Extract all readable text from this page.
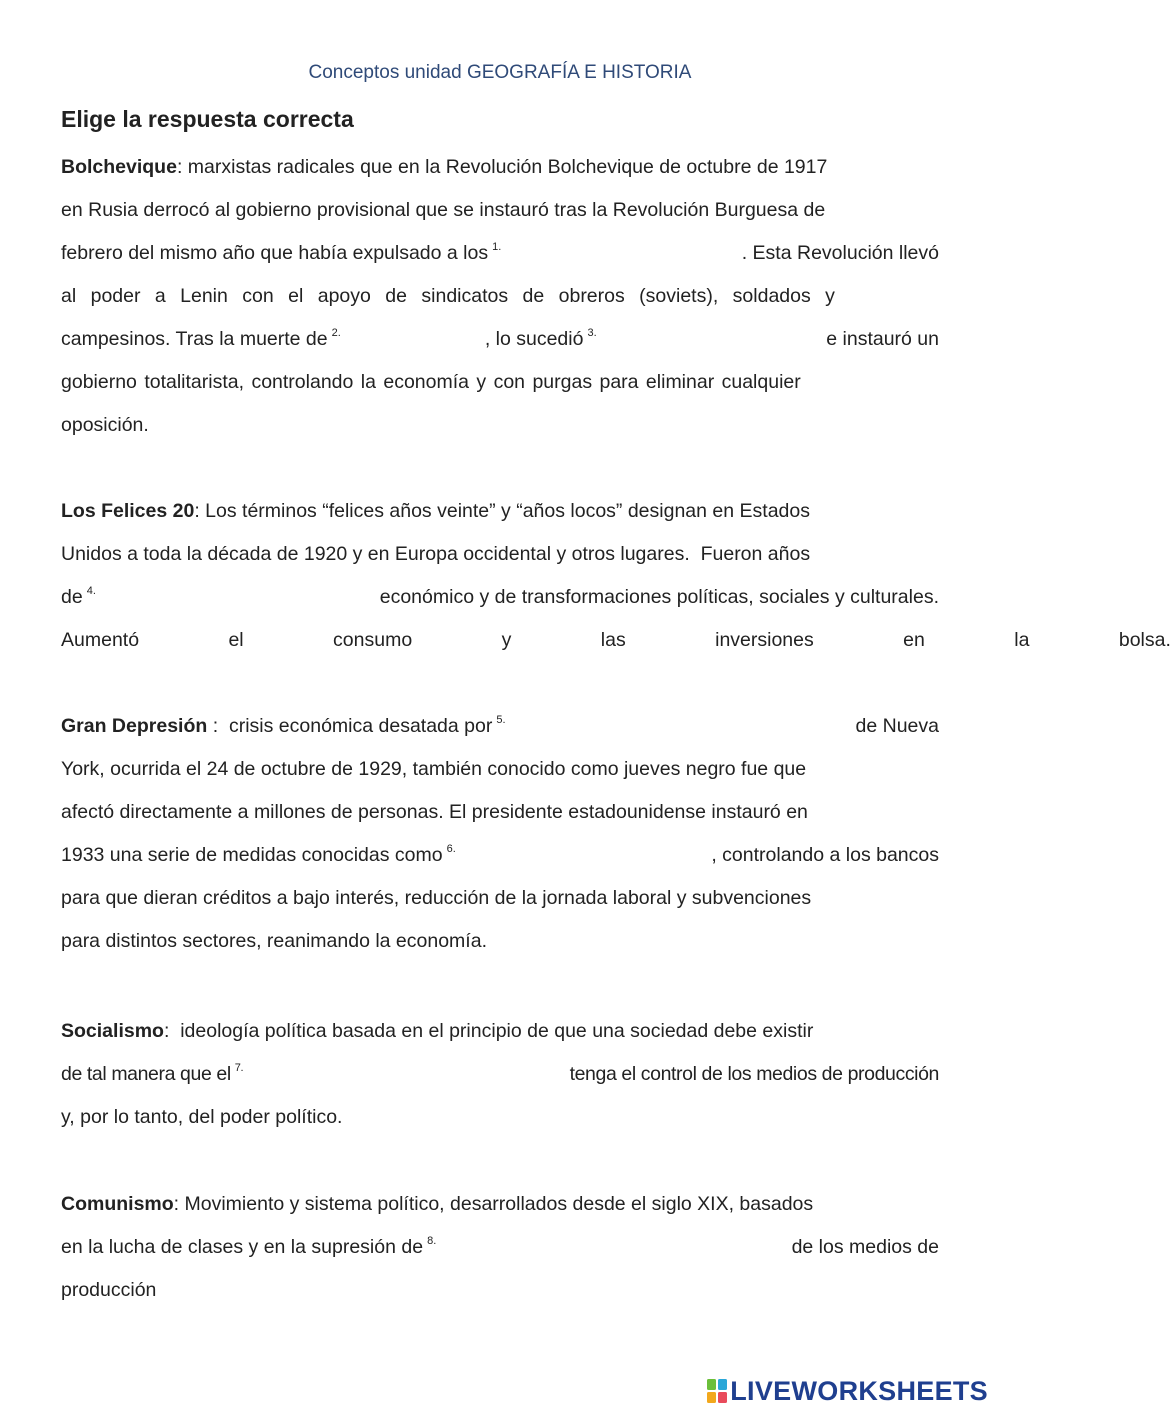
Conceptos unidad GEOGRAFÍA E HISTORIA
Elige la respuesta correcta
Bolchevique : marxistas radicales que en la Revolución Bolchevique de octubre de 1917
en Rusia derrocó al gobierno provisional que se instauró tras la Revolución Burguesa de
febrero del mismo año que había expulsado a los 1.	. Esta Revolución llevó
al poder a Lenin con el apoyo de sindicatos de obreros (soviets), soldados y
campesinos. Tras la muerte de 2.	, lo sucedió 3.	e instauró un
gobierno totalitarista, controlando la economía y con purgas para eliminar cualquier
oposición.
Los Felices 20 : Los términos “felices años veinte” y “años locos” designan en Estados
Unidos a toda la década de 1920 y en Europa occidental y otros lugares.  Fueron años
de 4.	económico y de transformaciones políticas, sociales y culturales.
Aumentó el consumo y las inversiones en la bolsa.
Gran Depresión :  crisis económica desatada por 5.	de Nueva
York, ocurrida el 24 de octubre de 1929, también conocido como jueves negro fue que
afectó directamente a millones de personas. El presidente estadounidense instauró en
1933 una serie de medidas conocidas como 6.	, controlando a los bancos
para que dieran créditos a bajo interés, reducción de la jornada laboral y subvenciones
para distintos sectores, reanimando la economía.
Socialismo :  ideología política basada en el principio de que una sociedad debe existir
de tal manera que el 7.	tenga el control de los medios de producción
y, por lo tanto, del poder político.
Comunismo : Movimiento y sistema político, desarrollados desde el siglo XIX, basados
en la lucha de clases y en la supresión de 8.	de los medios de
producción
LIVEWORKSHEETS
